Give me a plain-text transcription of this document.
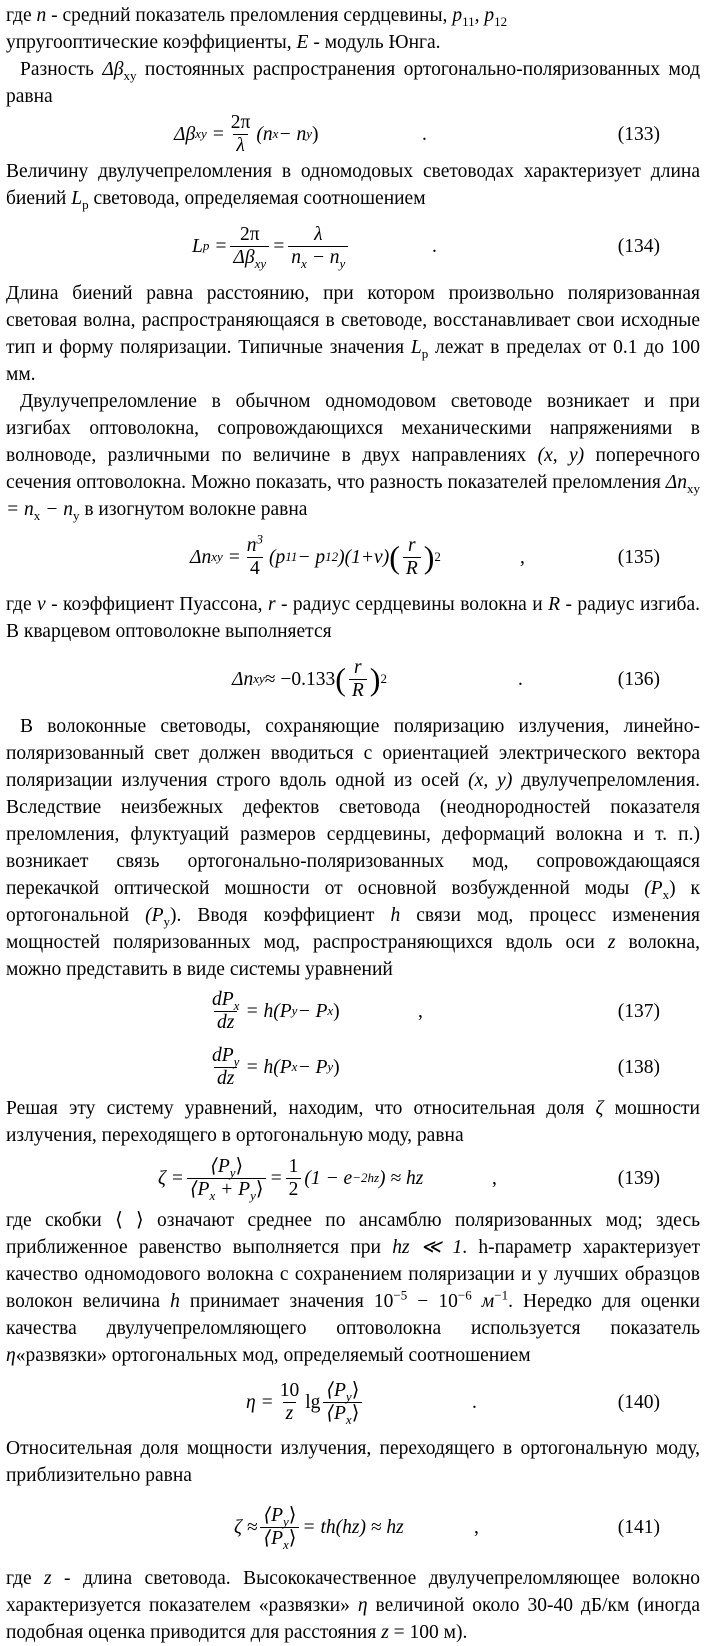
где n - средний показатель преломления сердцевины, $p_{11}$, $p_{12}$
упругооптические коэффициенты, E - модуль Юнга.

Разность $\Delta\beta_{xy}$ постоянных распространения ортогонально-поляризованных мод равна

Δβ xy = $\frac{2\pi}{\lambda} (n$ x − n y )	.	(133)

Величину двулучепреломления в одномодовых световодах характеризует длина биений $L_p$ световода, определяемая соотношением

L $p = \frac{2\pi}{\Delta\beta_{xy}} = \frac{\lambda}{n_x - n_y}$	.	(134)

Длина биений равна расстоянию, при котором произвольно поляризованная световая волна, распространяющаяся в световоде, восстанавливает свои исходные тип и форму поляризации. Типичные значения $L_p$ лежат в пределах от 0.1 до 100 мм.

Двулучепреломление в обычном одномодовом световоде возникает и при изгибах оптоволокна, сопровождающихся механическими напряжениями в волноводе, различными по величине в двух направлениях (x, y) поперечного сечения оптоволокна. Можно показать, что разность показателей преломления $\Delta n_{xy} = n_x - n_y$ в изогнутом волокне равна

Δn xy = $\frac{n^3}{4} (p$ 11 − p 12 )(1+ν) ( $\frac{r}{R}$ ) 2	,	(135)

где ν - коэффициент Пуассона, r - радиус сердцевины волокна и R - радиус изгиба. В кварцевом оптоволокне выполняется

Δn xy ≈ −0.133 ( $\frac{r}{R}$ ) 2	.	(136)

В волоконные световоды, сохраняющие поляризацию излучения, линейно-поляризованный свет должен вводиться с ориентацией электрического вектора поляризации излучения строго вдоль одной из осей (x, y) двулучепреломления. Вследствие неизбежных дефектов световода (неоднородностей показателя преломления, флуктуаций размеров сердцевины, деформаций волокна и т. п.) возникает связь ортогонально-поляризованных мод, сопровождающаяся перекачкой оптической мошности от основной возбужденной моды $(P_x)$ к ортогональной $(P_y)$. Вводя коэффициент h связи мод, процесс изменения мощностей поляризованных мод, распространяющихся вдоль оси z волокна, можно представить в виде системы уравнений

$\frac{dP_x}{dz} = h(P$ y − P x )	,	(137)
$\frac{dP_y}{dz} = h(P$ x − P y )	(138)

Решая эту систему уравнений, находим, что относительная доля ζ мошности излучения, переходящего в ортогональную моду, равна

$\zeta = \frac{⟨P_y⟩}{⟨P_x + P_y⟩} = \frac{1}{2} (1 - e -2hz$ ) ≈ hz	,	(139)

где скобки ⟨ ⟩ означают среднее по ансамблю поляризованных мод; здесь приближенное равенство выполняется при hz ≪ 1. h-параметр характеризует качество одномодового волокна с сохранением поляризации и у лучших образцов волокон величина h принимает значения $10^{-5} - 10^{-6}$ $м^{-1}$. Нередко для оценки качества двулучепреломляющего оптоволокна используется показатель η«развязки» ортогональных мод, определяемый соотношением

$\eta = \frac{10}{z}$ $\lg \frac{⟨P_y⟩}{⟨P_x⟩}$	.	(140)

Относительная доля мощности излучения, переходящего в ортогональную моду, приблизительно равна

$\zeta \approx \frac{⟨P_y⟩}{⟨P_x⟩} = th(hz)$ ≈ hz	,	(141)

где z - длина световода. Высококачественное двулучепреломляющее волокно характеризуется показателем «развязки» η величиной около 30-40 дБ/км (иногда подобная оценка приводится для расстояния z = 100 м).
